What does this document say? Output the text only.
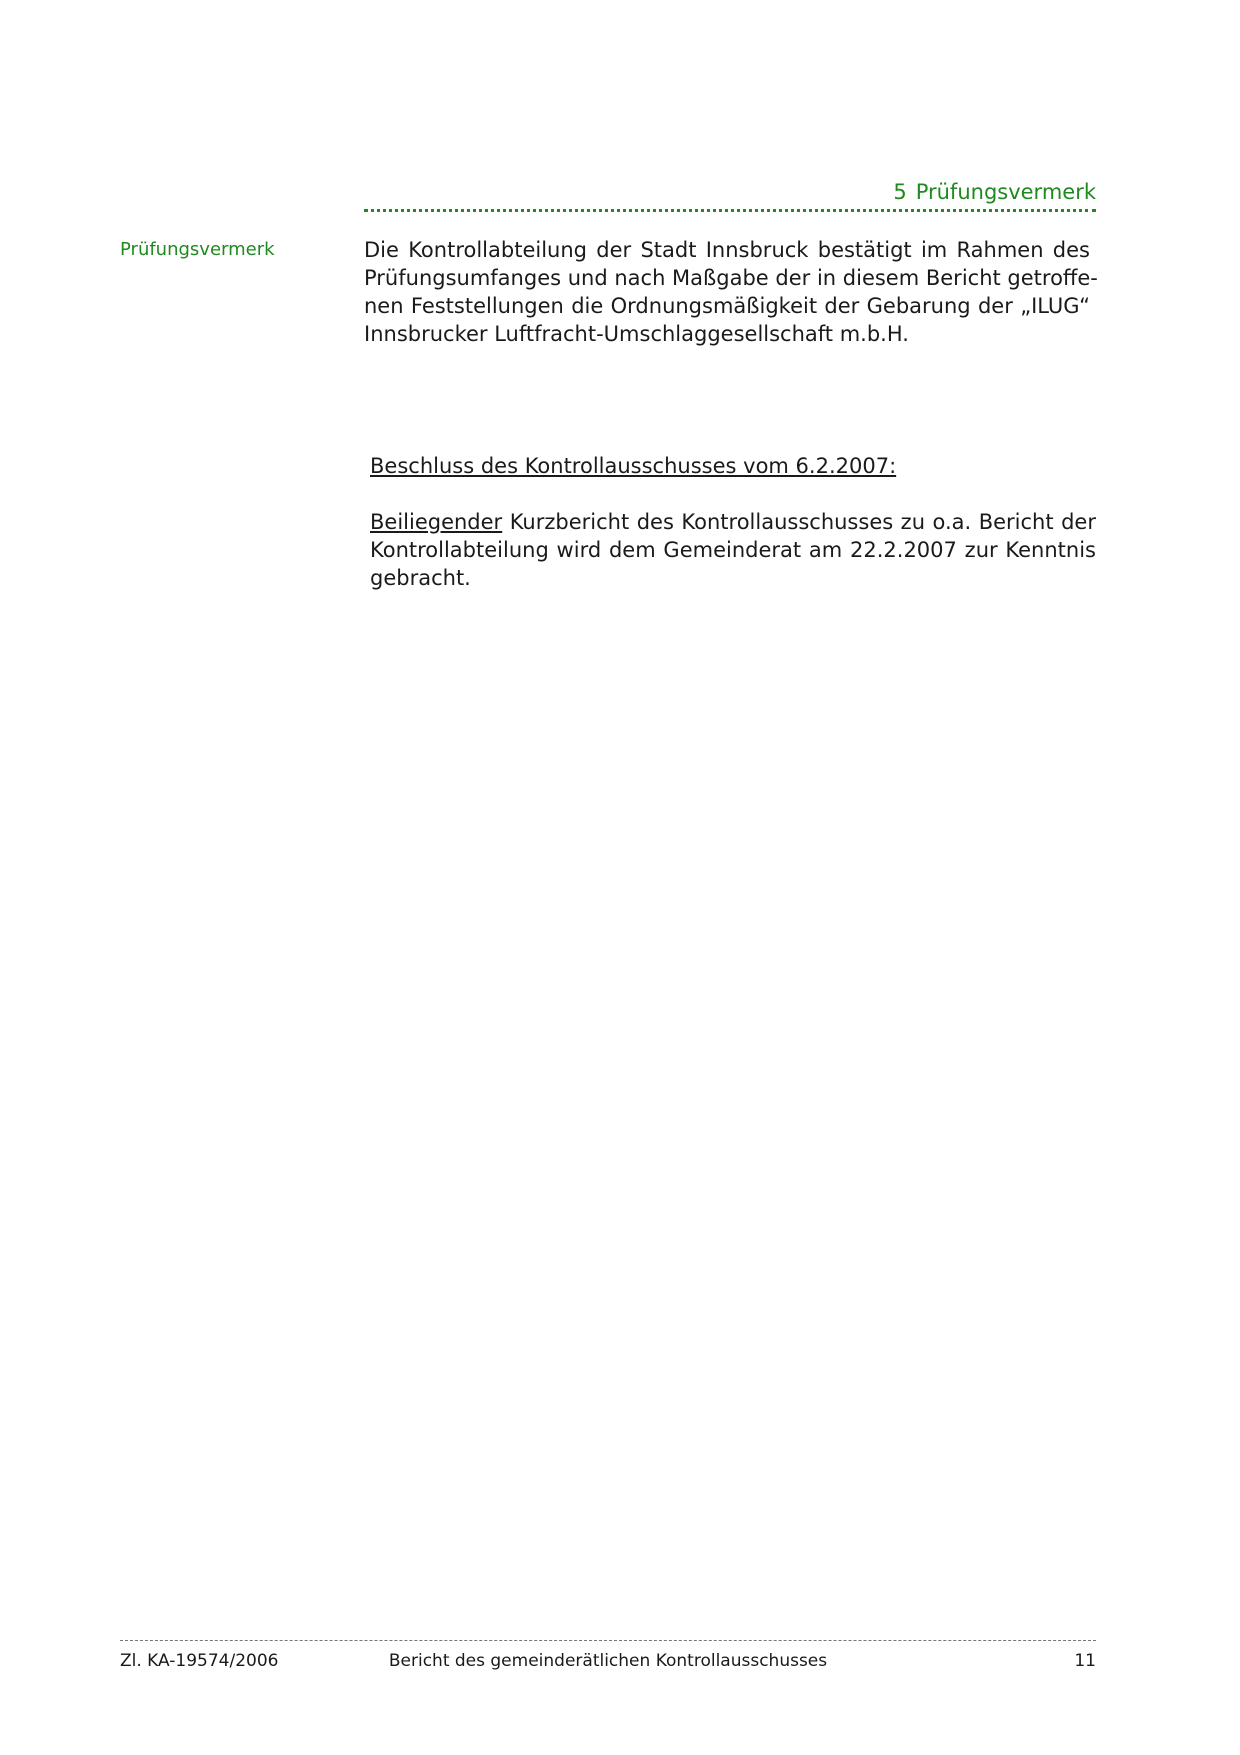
5 Prüfungsvermerk
Prüfungsvermerk	Die Kontrollabteilung der Stadt Innsbruck bestätigt im Rahmen des
Prüfungsumfanges und nach Maßgabe der in diesem Bericht getroffe-
nen Feststellungen die Ordnungsmäßigkeit der Gebarung der „ILUG“
Innsbrucker Luftfracht-Umschlaggesellschaft m.b.H.
Beschluss des Kontrollausschusses vom 6.2.2007:
Beiliegender Kurzbericht des Kontrollausschusses zu o.a. Bericht der
Kontrollabteilung wird dem Gemeinderat am 22.2.2007 zur Kenntnis
gebracht.
Zl. KA-19574/2006	Bericht des gemeinderätlichen Kontrollausschusses	11
